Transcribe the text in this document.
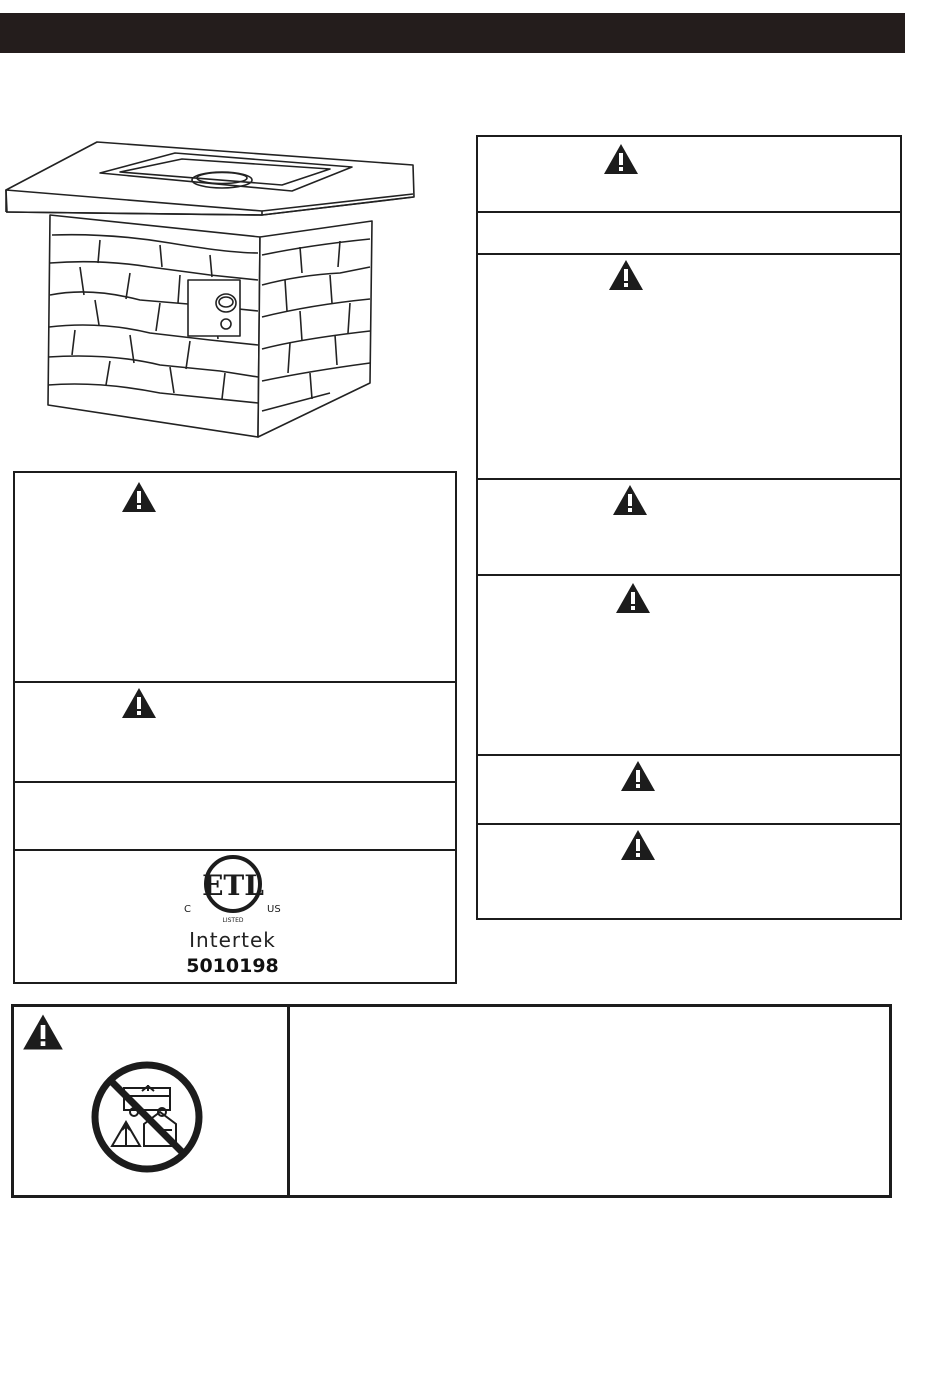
ETL
C	US
LISTED
Intertek
5010198
